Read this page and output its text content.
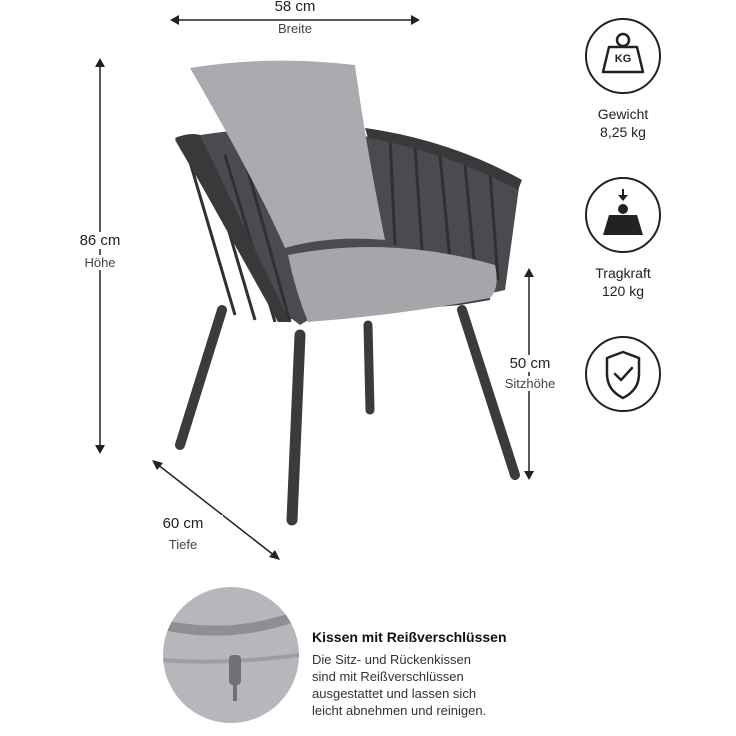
58 cm
Breite
86 cm
Höhe
50 cm
Sitzhöhe
60 cm
Tiefe
KG
Gewicht
8,25 kg
Tragkraft
120 kg
Kissen mit Reißverschlüssen
Die Sitz- und Rückenkissen
sind mit Reißverschlüssen
ausgestattet und lassen sich
leicht abnehmen und reinigen.
